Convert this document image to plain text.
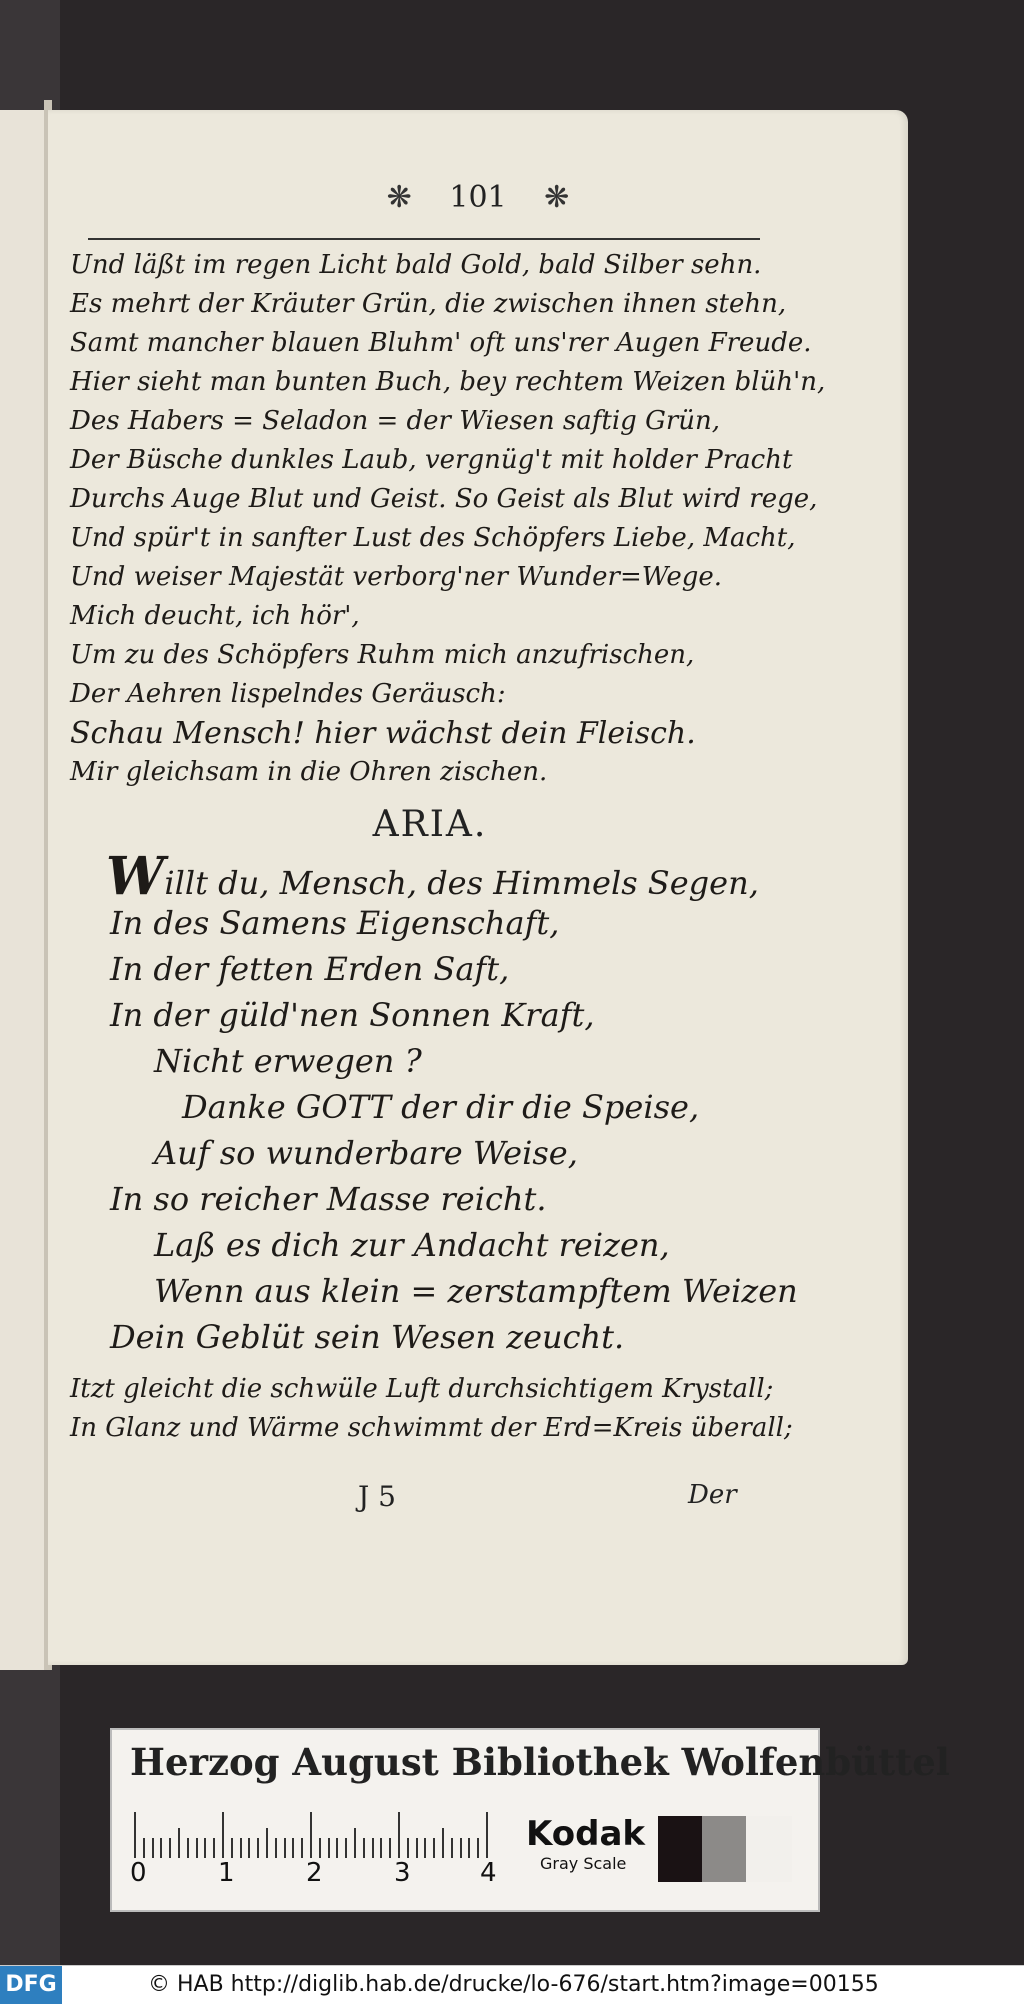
❋ 101 ❋
Und läßt im regen Licht bald Gold, bald Silber sehn.
Es mehrt der Kräuter Grün, die zwischen ihnen stehn,
Samt mancher blauen Bluhm' oft uns'rer Augen Freude.
Hier sieht man bunten Buch, bey rechtem Weizen blüh'n,
Des Habers = Seladon = der Wiesen saftig Grün,
Der Büsche dunkles Laub, vergnüg't mit holder Pracht
Durchs Auge Blut und Geist. So Geist als Blut wird rege,
Und spür't in sanfter Lust des Schöpfers Liebe, Macht,
Und weiser Majestät verborg'ner Wunder=Wege.
Mich deucht, ich hör',
Um zu des Schöpfers Ruhm mich anzufrischen,
Der Aehren lispelndes Geräusch:
Schau Mensch! hier wächst dein Fleisch.
Mir gleichsam in die Ohren zischen.
ARIA.
Willt du, Mensch, des Himmels Segen,
In des Samens Eigenschaft,
In der fetten Erden Saft,
In der güld'nen Sonnen Kraft,
Nicht erwegen ?
Danke GOTT der dir die Speise,
Auf so wunderbare Weise,
In so reicher Masse reicht.
Laß es dich zur Andacht reizen,
Wenn aus klein = zerstampftem Weizen
Dein Geblüt sein Wesen zeucht.
Itzt gleicht die schwüle Luft durchsichtigem Krystall;
In Glanz und Wärme schwimmt der Erd=Kreis überall;
J 5	Der
Herzog August Bibliothek Wolfenbüttel
0	1	2	3	4
Kodak
Gray Scale
DFG	© HAB http://diglib.hab.de/drucke/lo-676/start.htm?image=00155
